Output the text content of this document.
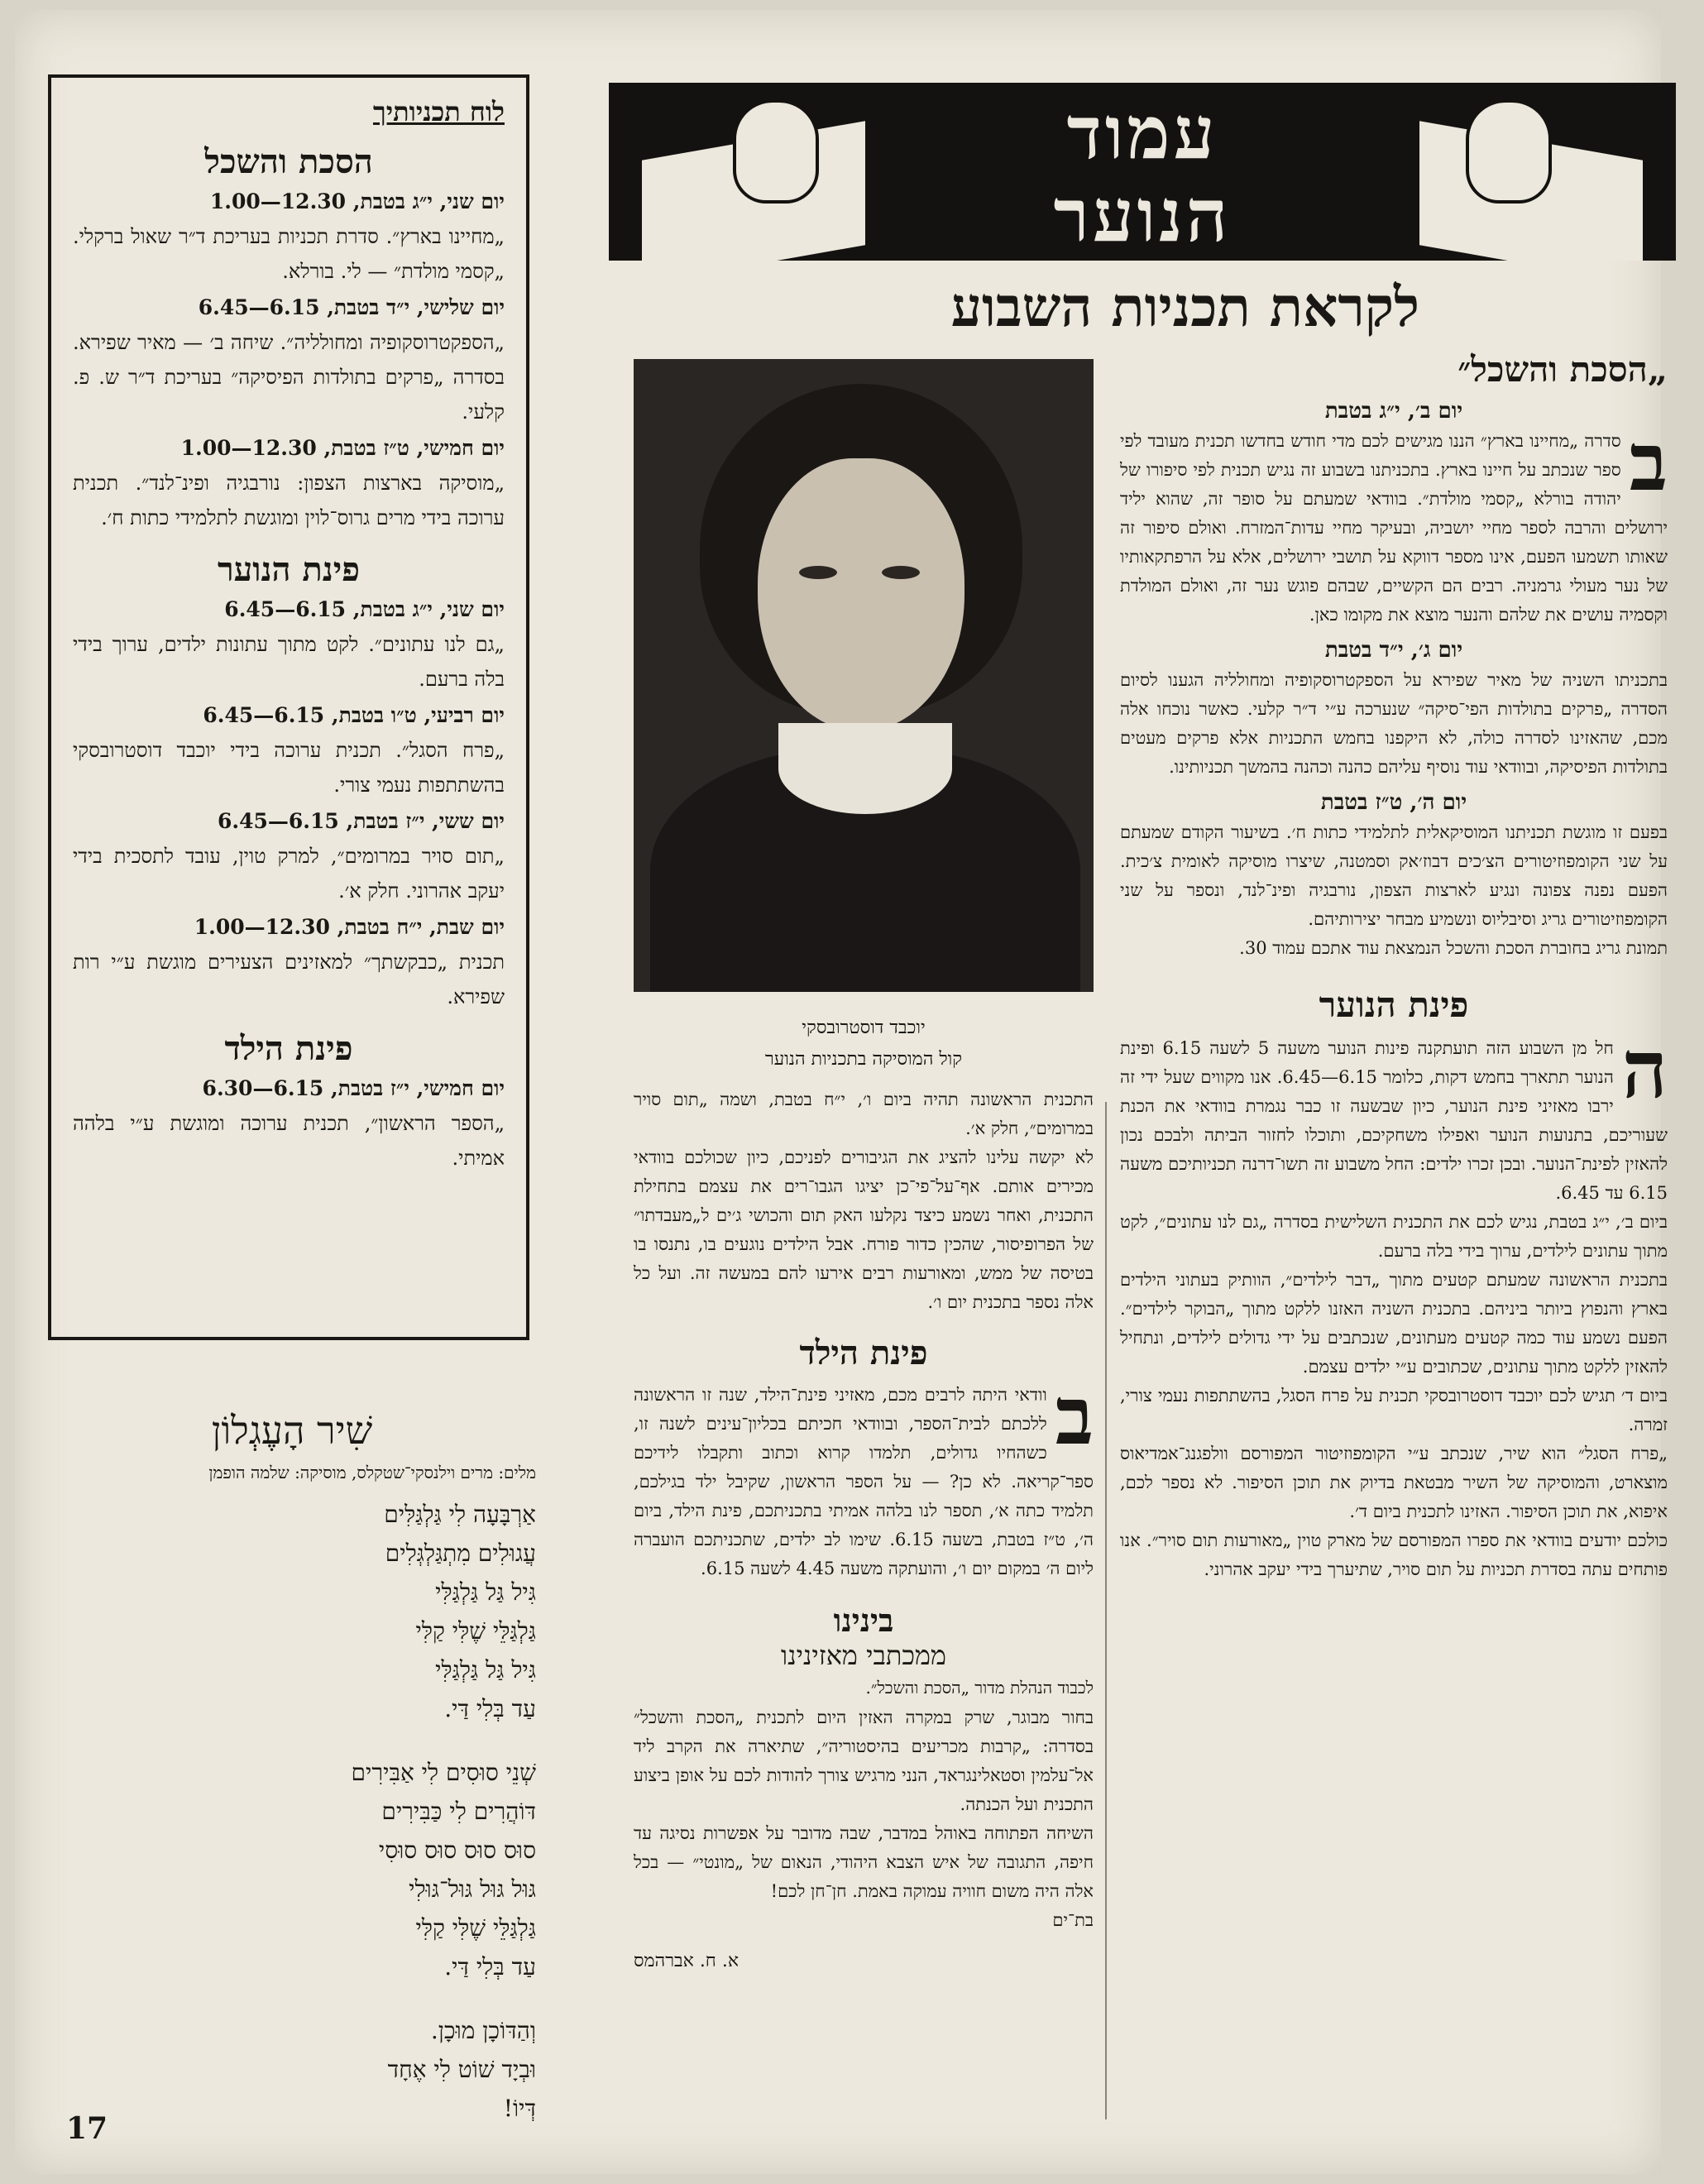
לוח תכניותיך
הסכת והשכל
יום שני, י״ג בטבת, 12.30—1.00
„מחיינו בארץ״. סדרת תכניות בעריכת ד״ר שאול ברקלי. „קסמי מולדת״ — לי. בורלא.
יום שלישי, י״ד בטבת, 6.15—6.45
„הספקטרוסקופיה ומחולליה״. שיחה ב׳ — מאיר שפירא. בסדרה „פרקים בתולדות הפיסיקה״ בעריכת ד״ר ש. פ. קלעי.
יום חמישי, ט״ז בטבת, 12.30—1.00
„מוסיקה בארצות הצפון: נורבגיה ופינ־לנד״. תכנית ערוכה בידי מרים גרוס־לוין ומוגשת לתלמידי כתות ח׳.
פינת הנוער
יום שני, י״ג בטבת, 6.15—6.45
„גם לנו עתונים״. לקט מתוך עתונות ילדים, ערוך בידי בלה ברעם.
יום רביעי, ט״ו בטבת, 6.15—6.45
„פרח הסגל״. תכנית ערוכה בידי יוכבד דוסטרובסקי בהשתתפות נעמי צורי.
יום ששי, י״ז בטבת, 6.15—6.45
„תום סויר במרומים״, למרק טוין, עובד לתסכית בידי יעקב אהרוני. חלק א׳.
יום שבת, י״ח בטבת, 12.30—1.00
תכנית „כבקשתך״ למאזינים הצעירים מוגשת ע״י רות שפירא.
פינת הילד
יום חמישי, י״ז בטבת, 6.15—6.30
„הספר הראשון״, תכנית ערוכה ומוגשת ע״י בלהה אמיתי.
שִׁיר הָעֶגְלוֹן
מלים: מרים וילנסקי־שטקלס, מוסיקה: שלמה הופמן
אַרְבָּעָה לִי גַּלְגַּלִּים
עֲגוּלִים מִתְגַּלְגְּלִים
גִּיל גַּל גַּלְגַּלִּי
גַּלְגַּלֵּי שֶׁלִּי קַלִּי
גִּיל גַּל גַּלְגַּלִּי
עַד בְּלִי דַּי.
שְׁנֵי סוּסִים לִי אַבִּירִים
דּוֹהֲרִים לִי כַּבִּירִים
סוּס סוּס סוּס סוּסִי
גּוּל גּוּל גּוּל־גּוּלִי
גַּלְגַּלֵּי שֶׁלִּי קַלִּי
עַד בְּלִי דַּי.
וְהַדּוֹכָן מוּכָן.
וּבְיָד שׁוֹט לִי אֶחָד
דְּיוֹ!
17
עמוד
הנוער
לקראת תכניות השבוע
„הסכת והשכל״
יום ב׳, י״ג בטבת

ב
סדרה „מחיינו בארץ״ הננו מגישים לכם מדי חודש בחדשו תכנית מעובד לפי ספר שנכתב על חיינו בארץ. בתכניתנו בשבוע זה נגיש תכנית לפי סיפורו של יהודה בורלא „קסמי מולדת״. בוודאי שמעתם על סופר זה, שהוא יליד ירושלים והרבה לספר מחיי יושביה, ובעיקר מחיי עדות־המזרח. ואולם סיפור זה שאותו תשמעו הפעם, אינו מספר דווקא על תושבי ירושלים, אלא על הרפתקאותיו של נער מעולי גרמניה. רבים הם הקשיים, שבהם פוגש נער זה, ואולם המולדת וקסמיה עושים את שלהם והנער מוצא את מקומו כאן.

יום ג׳, י״ד בטבת

בתכניתו השניה של מאיר שפירא על הספקטרוסקופיה ומחולליה הגענו לסיום הסדרה „פרקים בתולדות הפי־סיקה״ שנערכה ע״י ד״ר קלעי. כאשר נוכחו אלה מכם, שהאזינו לסדרה כולה, לא היקפנו בחמש התכניות אלא פרקים מעטים בתולדות הפיסיקה, ובוודאי עוד נוסיף עליהם כהנה וכהנה בהמשך תכניותינו.

יום ה׳, ט״ז בטבת

בפעם זו מוגשת תכניתנו המוסיקאלית לתלמידי כתות ח׳. בשיעור הקודם שמעתם על שני הקומפוזיטורים הצ׳כים דבוז׳אק וסמטנה, שיצרו מוסיקה לאומית צ׳כית. הפעם נפנה צפונה ונגיע לארצות הצפון, נורבגיה ופינ־לנד, ונספר על שני הקומפוזיטורים גריג וסיבליוס ונשמיע מבחר יצירותיהם.

תמונת גריג בחוברת הסכת והשכל הנמצאת עוד אתכם עמוד 30.

פינת הנוער

ה
חל מן השבוע הזה תועתקנה פינות הנוער משעה 5 לשעה 6.15 ופינת הנוער תתארך בחמש דקות, כלומר 6.15—6.45. אנו מקווים שעל ידי זה ירבו מאזיני פינת הנוער, כיון שבשעה זו כבר נגמרת בוודאי את הכנת שעוריכם, בתנועות הנוער ואפילו משחקיכם, ותוכלו לחזור הביתה ולבכם נכון להאזין לפינת־הנוער. ובכן זכרו ילדים: החל משבוע זה תשו־דרנה תכניותיכם משעה 6.15 עד 6.45.

ביום ב׳, י״ג בטבת, נגיש לכם את התכנית השלישית בסדרה „גם לנו עתונים״, לקט מתוך עתונים לילדים, ערוך בידי בלה ברעם.

בתכנית הראשונה שמעתם קטעים מתוך „דבר לילדים״, הוותיק בעתוני הילדים בארץ והנפוץ ביותר ביניהם. בתכנית השניה האזנו ללקט מתוך „הבוקר לילדים״. הפעם נשמע עוד כמה קטעים מעתונים, שנכתבים על ידי גדולים לילדים, ונתחיל להאזין ללקט מתוך עתונים, שכתובים ע״י ילדים עצמם.

ביום ד׳ תגיש לכם יוכבד דוסטרובסקי תכנית על פרח הסגל, בהשתתפות נעמי צורי, זמרה.

„פרח הסגל״ הוא שיר, שנכתב ע״י הקומפוזיטור המפורסם וולפגנג־אמדיאוס מוצארט, והמוסיקה של השיר מבטאת בדיוק את תוכן הסיפור. לא נספר לכם, איפוא, את תוכן הסיפור. האזינו לתכנית ביום ד׳.

כולכם יודעים בוודאי את ספרו המפורסם של מארק טוין „מאורעות תום סויר״. אנו פותחים עתה בסדרת תכניות על תום סויר, שתיערך בידי יעקב אהרוני.

יוכבד דוסטרובסקי
קול המוסיקה בתכניות הנוער

התכנית הראשונה תהיה ביום ו׳, י״ח בטבת, ושמה „תום סויר במרומים״, חלק א׳.

לא יקשה עלינו להציג את הגיבורים לפניכם, כיון שכולכם בוודאי מכירים אותם. אף־על־פי־כן יציגו הגבו־רים את עצמם בתחילת התכנית, ואחר נשמע כיצד נקלעו האק תום והכושי ג׳ים ל„מעבדתו״ של הפרופיסור, שהכין כדור פורח. אבל הילדים נוגעים בו, נתנסו בו בטיסה של ממש, ומאורעות רבים אירעו להם במעשה זה. ועל כל אלה נספר בתכנית יום ו׳.

פינת הילד

ב
וודאי היתה לרבים מכם, מאזיני פינת־הילד, שנה זו הראשונה ללכתם לבית־הספר, ובוודאי חכיתם בכליון־עינים לשנה זו, כשהחיו גדולים, תלמדו קרוא וכתוב ותקבלו לידיכם ספר־קריאה. לא כן? — על הספר הראשון, שקיבל ילד בגילכם, תלמיד כתה א׳, תספר לנו בלהה אמיתי בתכניתכם, פינת הילד, ביום ה׳, ט״ז בטבת, בשעה 6.15. שימו לב ילדים, שתכניתכם הועברה ליום ה׳ במקום יום ו׳, והועתקה משעה 4.45 לשעה 6.15.

בינינו
ממכתבי מאזינינו
לכבוד הנהלת מדור „הסכת והשכל״.

בחור מבוגר, שרק במקרה האזין היום לתכנית „הסכת והשכל״ בסדרה: „קרבות מכריעים בהיסטוריה״, שתיארה את הקרב ליד אל־עלמין וסטאלינגראד, הנני מרגיש צורך להודות לכם על אופן ביצוע התכנית ועל הכנתה.

השיחה הפתוחה באוהל במדבר, שבה מדובר על אפשרות נסיגה עד חיפה, התגובה של איש הצבא היהודי, הנאום של „מונטי״ — בכל אלה היה משום חוויה עמוקה באמת. חן־חן לכם!

בת־ים

א. ח. אברהמס
